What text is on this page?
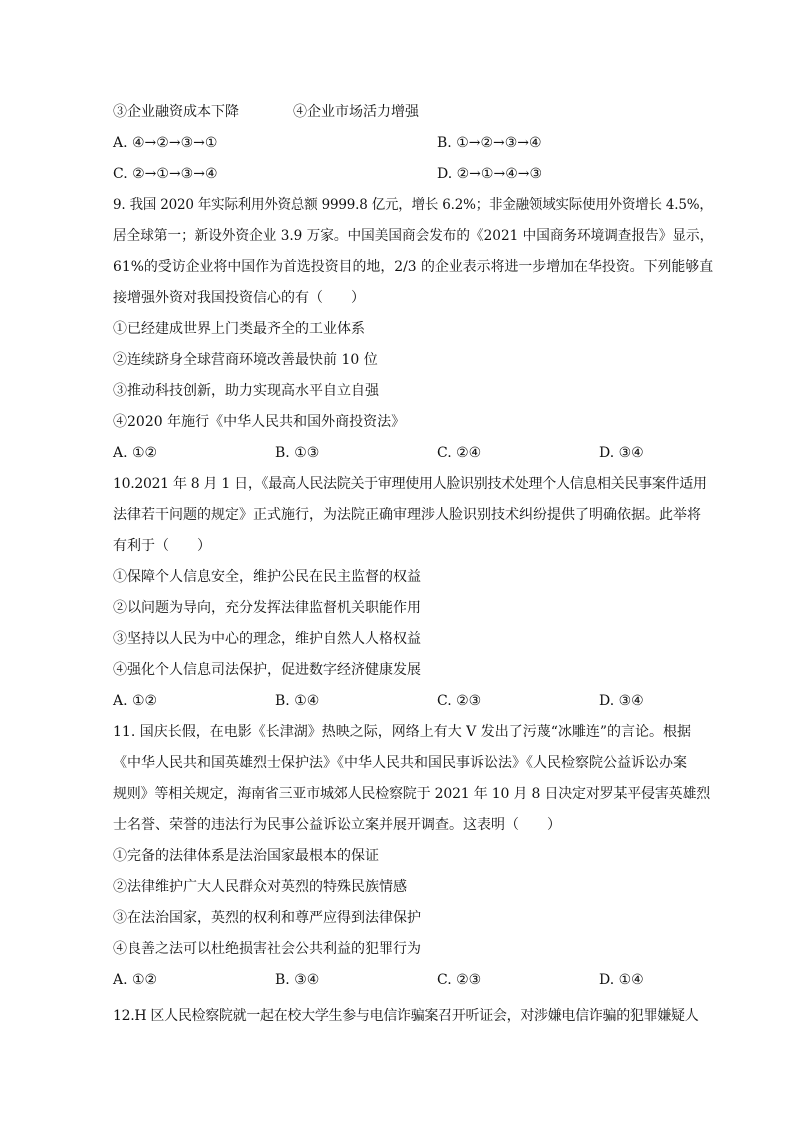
③企业融资成本下降	④企业市场活力增强
A. ④→②→③→①	B. ①→②→③→④
C. ②→①→③→④	D. ②→①→④→③
9. 我国 2020 年实际利用外资总额 9999.8 亿元，增长 6.2%；非金融领域实际使用外资增长 4.5%，
居全球第一；新设外资企业 3.9 万家。中国美国商会发布的《2021 中国商务环境调查报告》显示，
61%的受访企业将中国作为首选投资目的地，2/3 的企业表示将进一步增加在华投资。下列能够直
接增强外资对我国投资信心的有（　　）
①已经建成世界上门类最齐全的工业体系
②连续跻身全球营商环境改善最快前 10 位
③推动科技创新，助力实现高水平自立自强
④2020 年施行《中华人民共和国外商投资法》
A. ①②	B. ①③	C. ②④	D. ③④
10.2021 年 8 月 1 日，《最高人民法院关于审理使用人脸识别技术处理个人信息相关民事案件适用
法律若干问题的规定》正式施行，为法院正确审理涉人脸识别技术纠纷提供了明确依据。此举将
有利于（　　）
①保障个人信息安全，维护公民在民主监督的权益
②以问题为导向，充分发挥法律监督机关职能作用
③坚持以人民为中心的理念，维护自然人人格权益
④强化个人信息司法保护，促进数字经济健康发展
A. ①②	B. ①④	C. ②③	D. ③④
11. 国庆长假，在电影《长津湖》热映之际，网络上有大 V 发出了污蔑“冰雕连”的言论。根据
《中华人民共和国英雄烈士保护法》《中华人民共和国民事诉讼法》《人民检察院公益诉讼办案
规则》等相关规定，海南省三亚市城郊人民检察院于 2021 年 10 月 8 日决定对罗某平侵害英雄烈
士名誉、荣誉的违法行为民事公益诉讼立案并展开调查。这表明（　　）
①完备的法律体系是法治国家最根本的保证
②法律维护广大人民群众对英烈的特殊民族情感
③在法治国家，英烈的权利和尊严应得到法律保护
④良善之法可以杜绝损害社会公共利益的犯罪行为
A. ①②	B. ③④	C. ②③	D. ①④
12.H 区人民检察院就一起在校大学生参与电信诈骗案召开听证会，对涉嫌电信诈骗的犯罪嫌疑人
